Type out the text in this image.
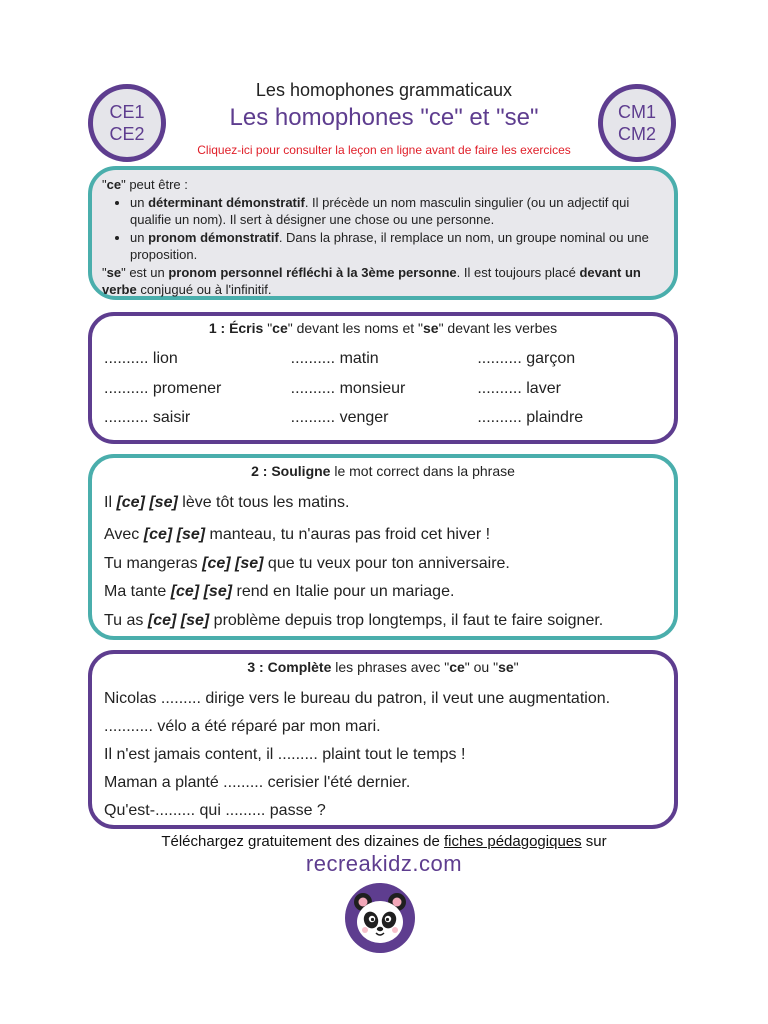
CE1
CE2
CM1
CM2
Les homophones grammaticaux
Les homophones "ce" et "se"
Cliquez-ici pour consulter la leçon en ligne avant de faire les exercices
"ce" peut être :
• un déterminant démonstratif. Il précède un nom masculin singulier (ou un adjectif qui qualifie un nom). Il sert à désigner une chose ou une personne.
• un pronom démonstratif. Dans la phrase, il remplace un nom, un groupe nominal ou une proposition.
"se" est un pronom personnel réfléchi à la 3ème personne. Il est toujours placé devant un verbe conjugué ou à l'infinitif.
1 : Écris "ce" devant les noms et "se" devant les verbes
.......... lion	.......... matin	.......... garçon
.......... promener	.......... monsieur	.......... laver
.......... saisir	.......... venger	.......... plaindre
2 : Souligne le mot correct dans la phrase
Il [ce] [se] lève tôt tous les matins.
Avec [ce] [se] manteau, tu n'auras pas froid cet hiver !
Tu mangeras [ce] [se] que tu veux pour ton anniversaire.
Ma tante [ce] [se] rend en Italie pour un mariage.
Tu as [ce] [se] problème depuis trop longtemps, il faut te faire soigner.
3 : Complète les phrases avec "ce" ou "se"
Nicolas ......... dirige vers le bureau du patron, il veut une augmentation.
........... vélo a été réparé par mon mari.
Il n'est jamais content, il ......... plaint tout le temps !
Maman a planté ......... cerisier l'été dernier.
Qu'est-......... qui ......... passe ?
Téléchargez gratuitement des dizaines de fiches pédagogiques sur
recreakidz.com
